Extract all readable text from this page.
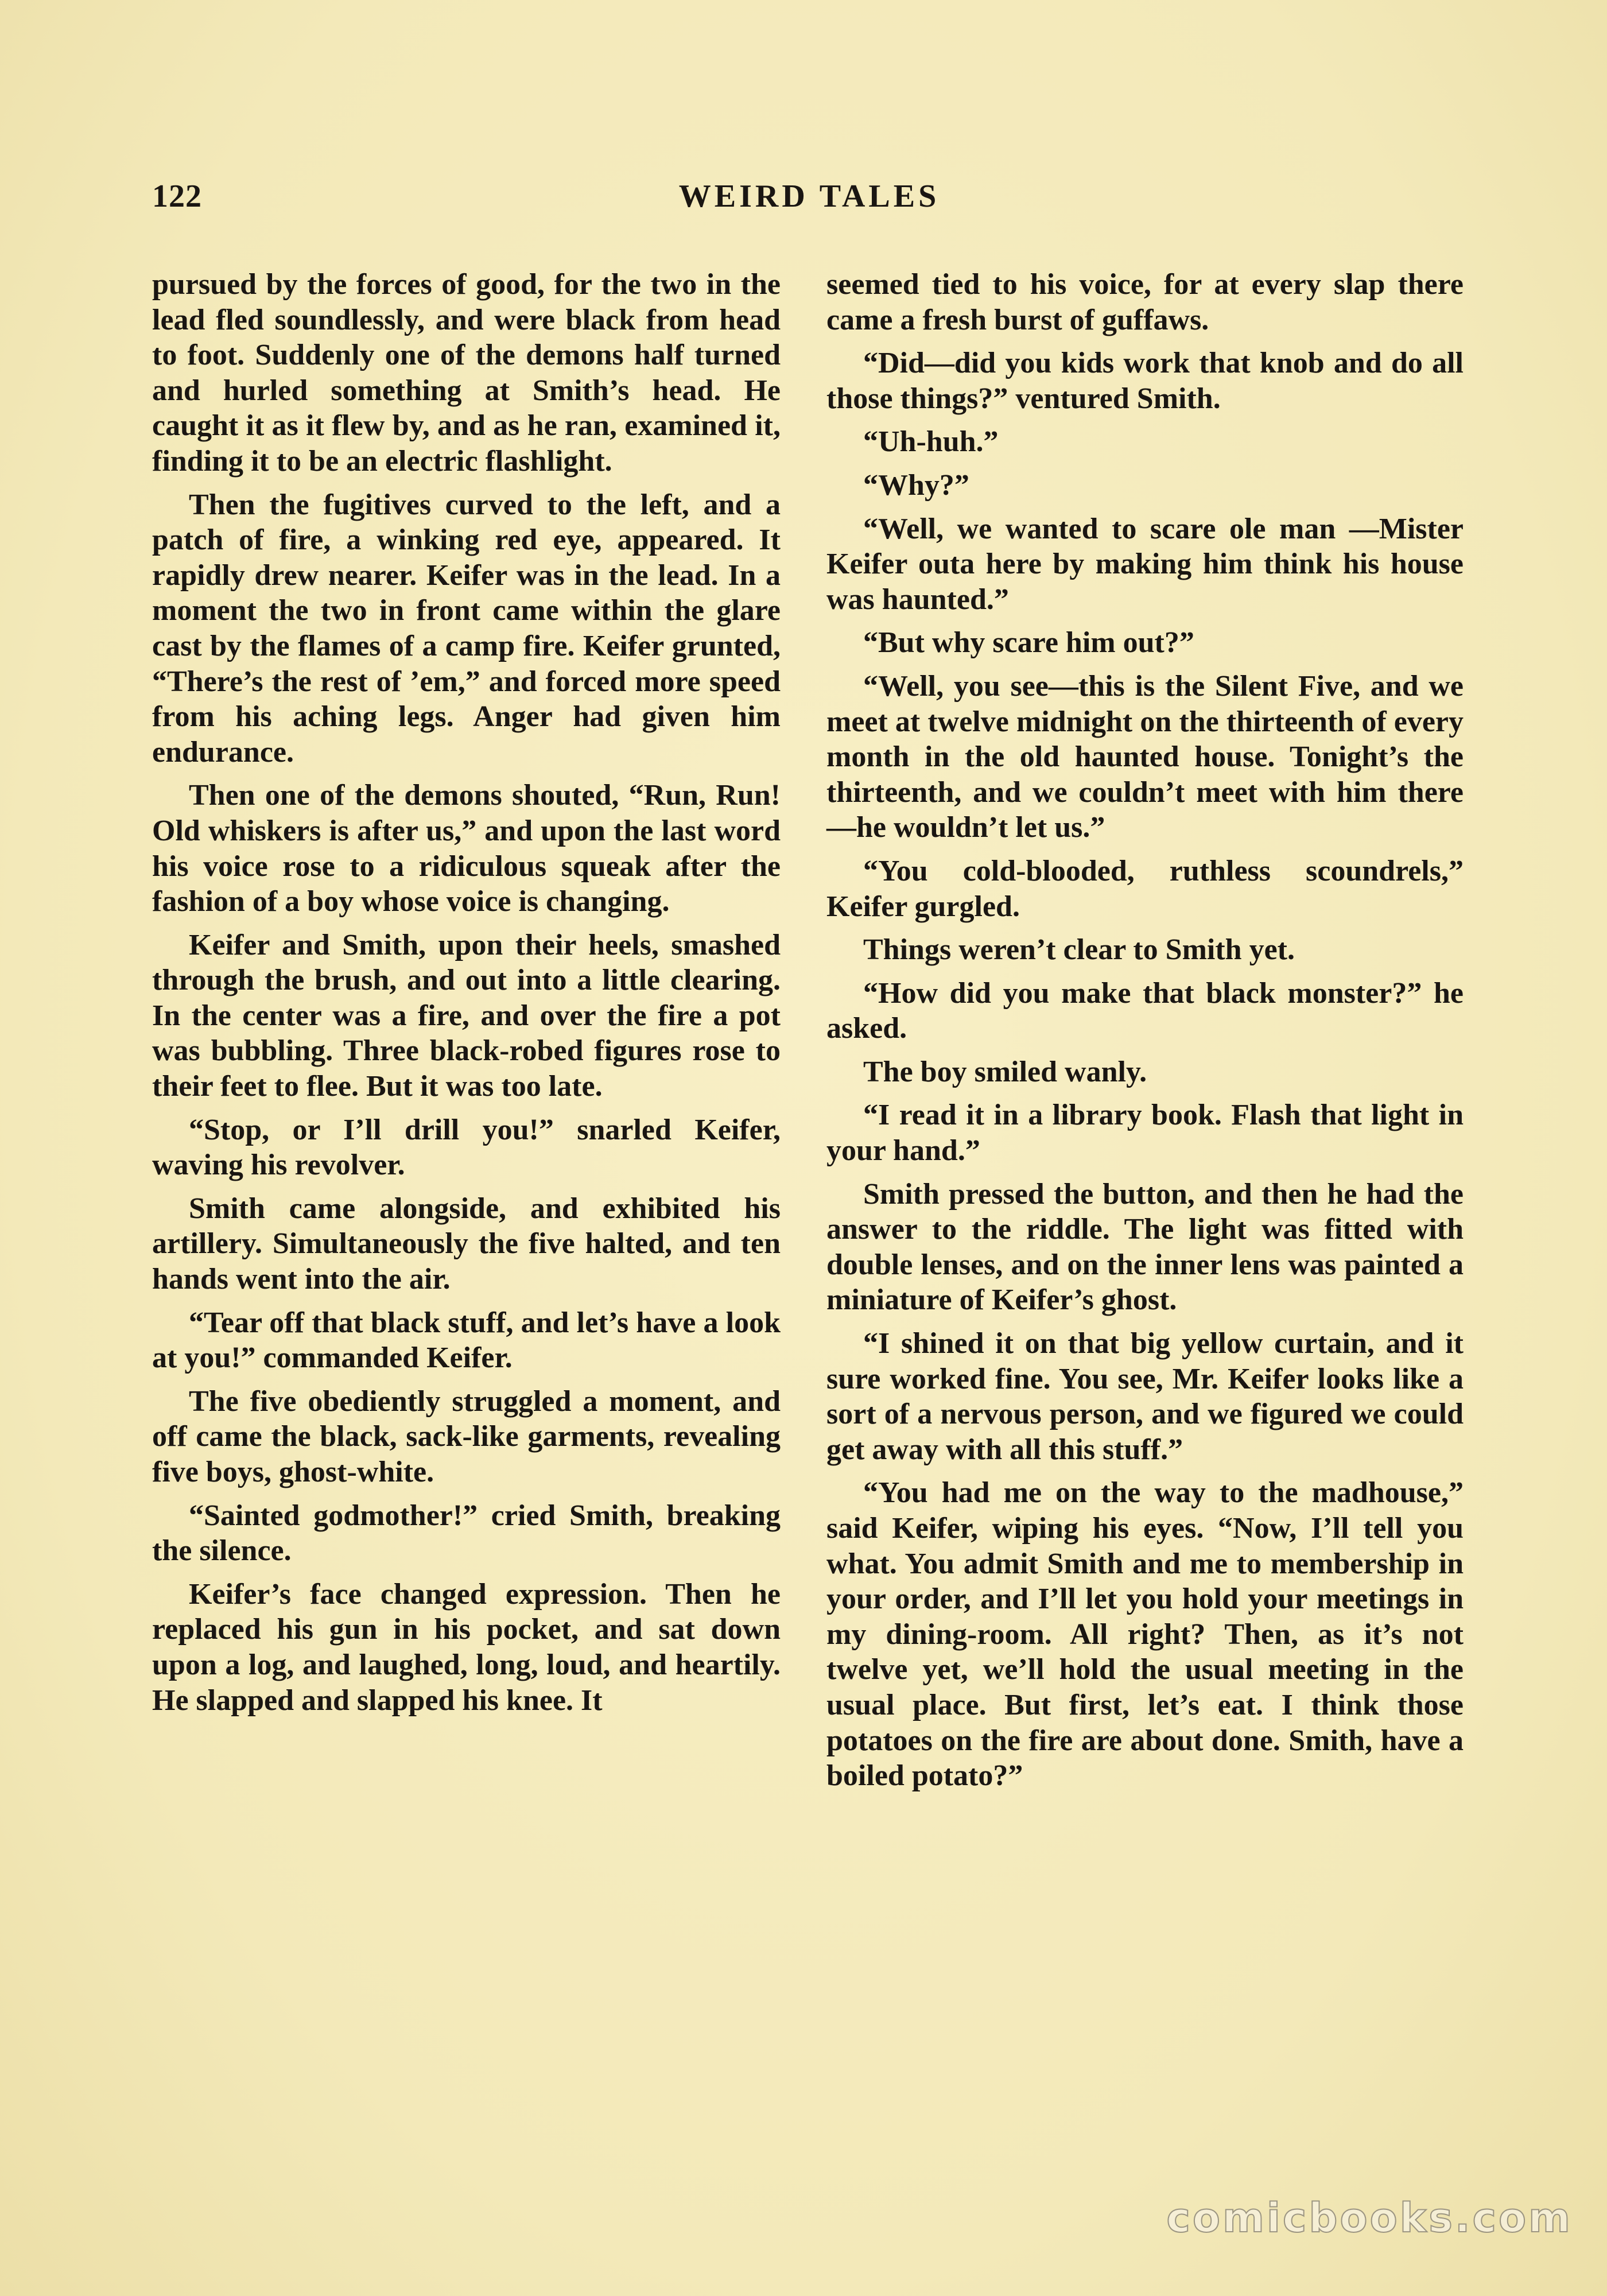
122	WEIRD TALES

pursued by the forces of good, for the two in the lead fled soundlessly, and were black from head to foot. Suddenly one of the demons half turned and hurled something at Smith’s head. He caught it as it flew by, and as he ran, examined it, finding it to be an electric flashlight.

Then the fugitives curved to the left, and a patch of fire, a winking red eye, appeared. It rapidly drew nearer. Keifer was in the lead. In a moment the two in front came within the glare cast by the flames of a camp fire. Keifer grunted, “There’s the rest of ’em,” and forced more speed from his aching legs. Anger had given him endurance.

Then one of the demons shouted, “Run, Run! Old whiskers is after us,” and upon the last word his voice rose to a ridiculous squeak after the fashion of a boy whose voice is changing.

Keifer and Smith, upon their heels, smashed through the brush, and out into a little clearing. In the center was a fire, and over the fire a pot was bubbling. Three black-robed figures rose to their feet to flee. But it was too late.

“Stop, or I’ll drill you!” snarled Keifer, waving his revolver.

Smith came alongside, and exhibited his artillery. Simultaneously the five halted, and ten hands went into the air.

“Tear off that black stuff, and let’s have a look at you!” commanded Keifer.

The five obediently struggled a moment, and off came the black, sack-like garments, revealing five boys, ghost-white.

“Sainted godmother!” cried Smith, breaking the silence.

Keifer’s face changed expression. Then he replaced his gun in his pocket, and sat down upon a log, and laughed, long, loud, and heartily. He slapped and slapped his knee. It

seemed tied to his voice, for at every slap there came a fresh burst of guffaws.

“Did—did you kids work that knob and do all those things?” ventured Smith.

“Uh-huh.”

“Why?”

“Well, we wanted to scare ole man —Mister Keifer outa here by making him think his house was haunted.”

“But why scare him out?”

“Well, you see—this is the Silent Five, and we meet at twelve midnight on the thirteenth of every month in the old haunted house. Tonight’s the thirteenth, and we couldn’t meet with him there—he wouldn’t let us.”

“You cold-blooded, ruthless scoundrels,” Keifer gurgled.

Things weren’t clear to Smith yet.

“How did you make that black monster?” he asked.

The boy smiled wanly.

“I read it in a library book. Flash that light in your hand.”

Smith pressed the button, and then he had the answer to the riddle. The light was fitted with double lenses, and on the inner lens was painted a miniature of Keifer’s ghost.

“I shined it on that big yellow curtain, and it sure worked fine. You see, Mr. Keifer looks like a sort of a nervous person, and we figured we could get away with all this stuff.”

“You had me on the way to the madhouse,” said Keifer, wiping his eyes. “Now, I’ll tell you what. You admit Smith and me to membership in your order, and I’ll let you hold your meetings in my dining-room. All right? Then, as it’s not twelve yet, we’ll hold the usual meeting in the usual place. But first, let’s eat. I think those potatoes on the fire are about done. Smith, have a boiled potato?”

comicbooks.com
